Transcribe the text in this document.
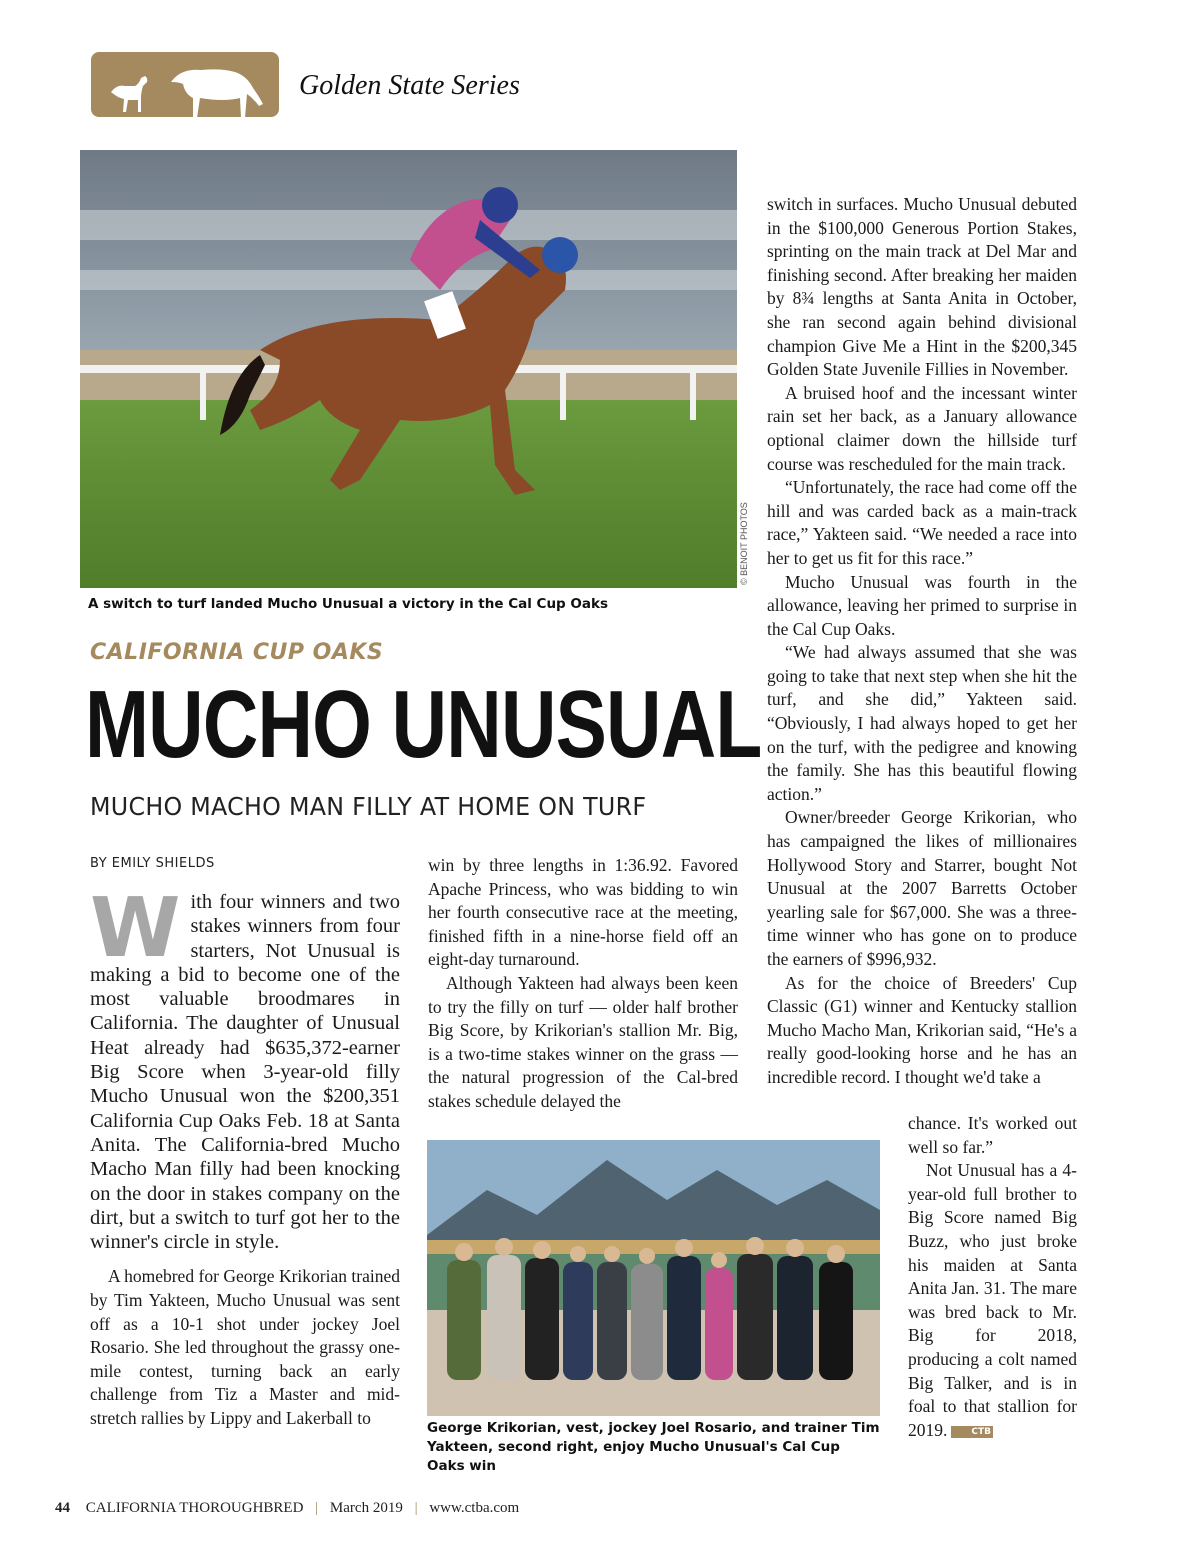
Golden State Series
© BENOIT PHOTOS
A switch to turf landed Mucho Unusual a victory in the Cal Cup Oaks
CALIFORNIA CUP OAKS
MUCHO UNUSUAL
MUCHO MACHO MAN FILLY AT HOME ON TURF
BY EMILY SHIELDS

With four winners and two stakes winners from four starters, Not Unusual is making a bid to become one of the most valuable broodmares in California. The daughter of Unusual Heat already had $635,372-earner Big Score when 3-year-old filly Mucho Unusual won the $200,351 California Cup Oaks Feb. 18 at Santa Anita. The California-bred Mucho Macho Man filly had been knocking on the door in stakes company on the dirt, but a switch to turf got her to the winner's circle in style.

A homebred for George Krikorian trained by Tim Yakteen, Mucho Unusual was sent off as a 10-1 shot under jockey Joel Rosario. She led throughout the grassy one-mile contest, turning back an early challenge from Tiz a Master and mid-stretch rallies by Lippy and Lakerball to

win by three lengths in 1:36.92. Favored Apache Princess, who was bidding to win her fourth consecutive race at the meeting, finished fifth in a nine-horse field off an eight-day turnaround.

Although Yakteen had always been keen to try the filly on turf — older half brother Big Score, by Krikorian's stallion Mr. Big, is a two-time stakes winner on the grass — the natural progression of the Cal-bred stakes schedule delayed the

switch in surfaces. Mucho Unusual debuted in the $100,000 Generous Portion Stakes, sprinting on the main track at Del Mar and finishing second. After breaking her maiden by 8¾ lengths at Santa Anita in October, she ran second again behind divisional champion Give Me a Hint in the $200,345 Golden State Juvenile Fillies in November.

A bruised hoof and the incessant winter rain set her back, as a January allowance optional claimer down the hillside turf course was rescheduled for the main track.

“Unfortunately, the race had come off the hill and was carded back as a main-track race,” Yakteen said. “We needed a race into her to get us fit for this race.”

Mucho Unusual was fourth in the allowance, leaving her primed to surprise in the Cal Cup Oaks.

“We had always assumed that she was going to take that next step when she hit the turf, and she did,” Yakteen said. “Obviously, I had always hoped to get her on the turf, with the pedigree and knowing the family. She has this beautiful flowing action.”

Owner/breeder George Krikorian, who has campaigned the likes of millionaires Hollywood Story and Starrer, bought Not Unusual at the 2007 Barretts October yearling sale for $67,000. She was a three-time winner who has gone on to produce the earners of $996,932.

As for the choice of Breeders' Cup Classic (G1) winner and Kentucky stallion Mucho Macho Man, Krikorian said, “He's a really good-looking horse and he has an incredible record. I thought we'd take a

chance. It's worked out well so far.”

Not Unusual has a 4-year-old full brother to Big Score named Big Buzz, who just broke his maiden at Santa Anita Jan. 31. The mare was bred back to Mr. Big for 2018, producing a colt named Big Talker, and is in foal to that stallion for 2019.	CTB

George Krikorian, vest, jockey Joel Rosario, and trainer Tim Yakteen, second right, enjoy Mucho Unusual's Cal Cup Oaks win
44 CALIFORNIA THOROUGHBRED | March 2019 | www.ctba.com
